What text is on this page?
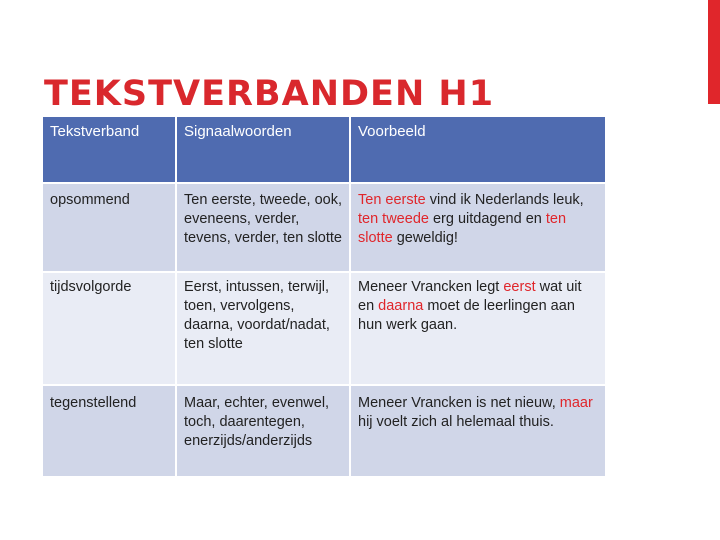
TEKSTVERBANDEN H1
Tekstverband	Signaalwoorden	Voorbeeld
opsommend	Ten eerste, tweede, ook, eveneens, verder, tevens, verder, ten slotte	Ten eerste vind ik Nederlands leuk, ten tweede erg uitdagend en ten slotte geweldig!
tijdsvolgorde	Eerst, intussen, terwijl, toen, vervolgens, daarna, voordat/nadat, ten slotte	Meneer Vrancken legt eerst wat uit en daarna moet de leerlingen aan hun werk gaan.
tegenstellend	Maar, echter, evenwel, toch, daarentegen, enerzijds/anderzijds	Meneer Vrancken is net nieuw, maar hij voelt zich al helemaal thuis.
